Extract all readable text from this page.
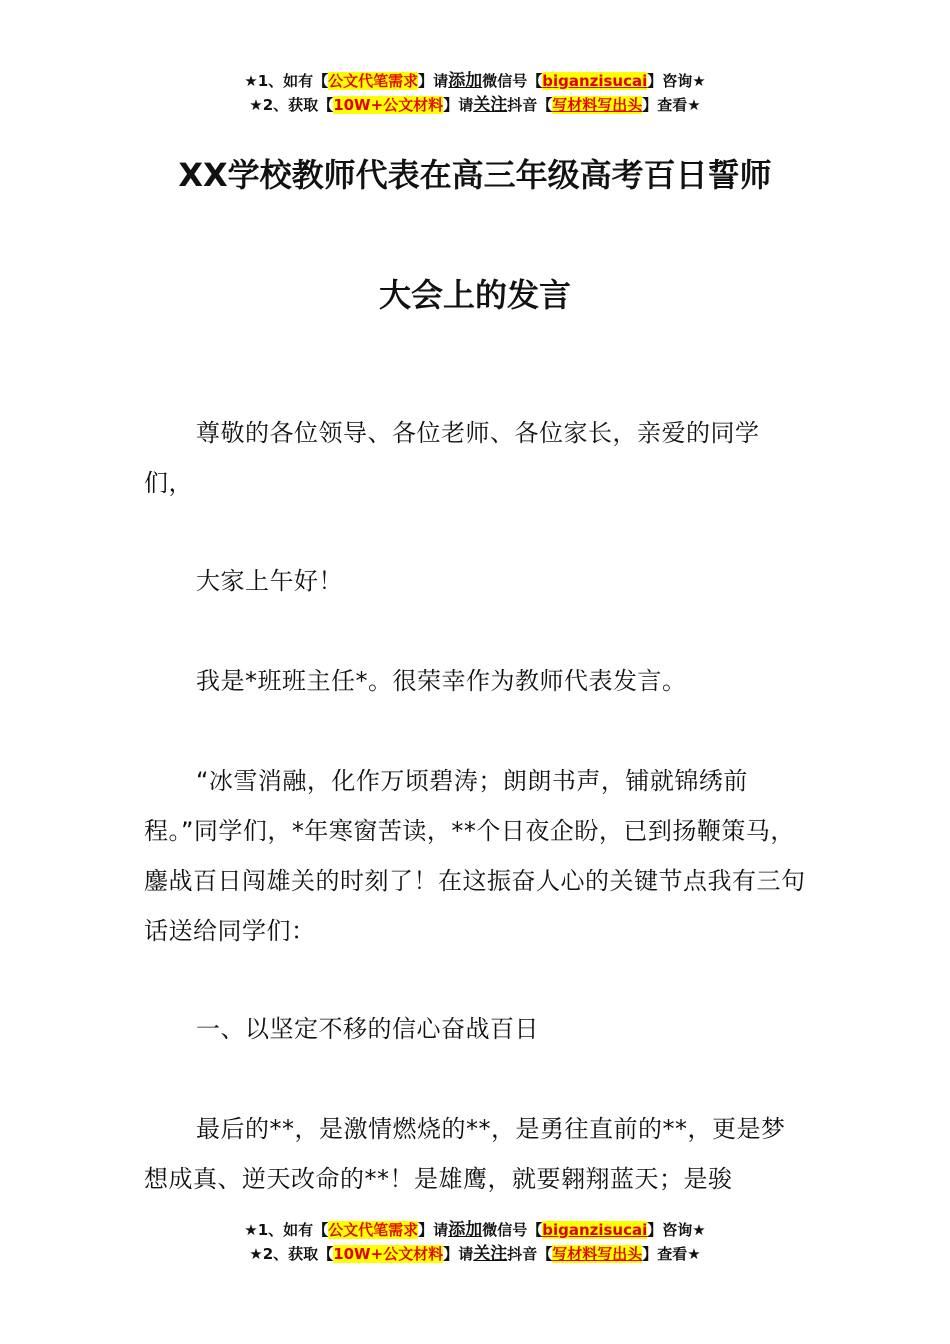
★1、如有【公文代笔需求】请添加微信号【biganzisucai】咨询★
★2、获取【10W+公文材料】请关注抖音【写材料写出头】查看★
XX学校教师代表在高三年级高考百日誓师
大会上的发言
尊敬的各位领导、各位老师、各位家长，亲爱的同学们，
大家上午好！
我是*班班主任*。很荣幸作为教师代表发言。
“冰雪消融，化作万顷碧涛；朗朗书声，铺就锦绣前程。”同学们，*年寒窗苦读，**个日夜企盼，已到扬鞭策马，鏖战百日闯雄关的时刻了！在这振奋人心的关键节点我有三句话送给同学们：
一、以坚定不移的信心奋战百日
最后的**，是激情燃烧的**，是勇往直前的**，更是梦想成真、逆天改命的**！是雄鹰，就要翱翔蓝天；是骏
★1、如有【公文代笔需求】请添加微信号【biganzisucai】咨询★
★2、获取【10W+公文材料】请关注抖音【写材料写出头】查看★
